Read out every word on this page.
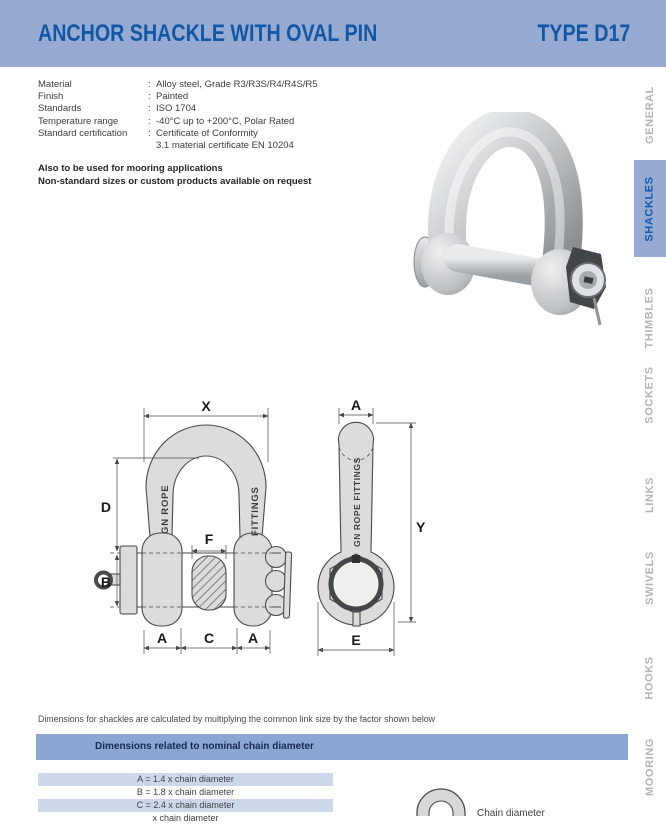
ANCHOR SHACKLE WITH OVAL PIN	TYPE D17
Material	: Alloy steel, Grade R3/R3S/R4/R4S/R5
Finish	: Painted
Standards	: ISO 1704
Temperature range	: -40°C up to +200°C, Polar Rated
Standard certification	: Certificate of Conformity
3.1 material certificate EN 10204
Also to be used for mooring applications
Non-standard sizes or custom products available on request
GENERAL
SHACKLES
THIMBLES
SOCKETS
LINKS
SWIVELS
HOOKS
MOORING
X
D
B
F
A	C A
GN ROPE	FITTINGS
A
Y
E
GN ROPE FITTINGS
Dimensions for shackles are calculated by multiplying the common link size by the factor shown below
Dimensions related to nominal chain diameter
A = 1.4 x chain diameter
B = 1.8 x chain diameter
C = 2.4 x chain diameter
x chain diameter	Chain diameter
